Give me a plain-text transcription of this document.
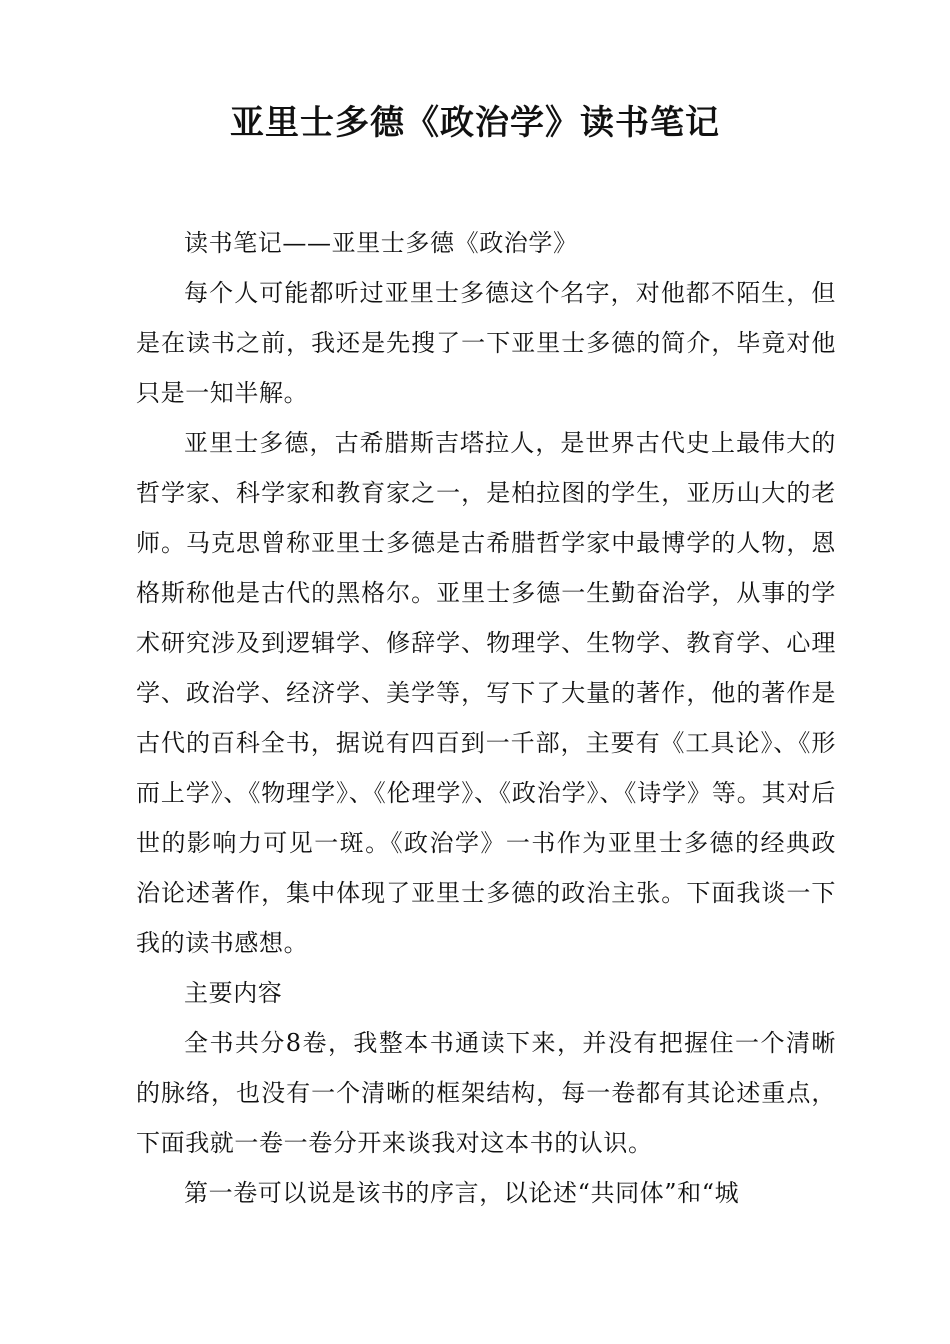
亚里士多德《政治学》读书笔记

读书笔记——亚里士多德《政治学》

每个人可能都听过亚里士多德这个名字，对他都不陌生，但是在读书之前，我还是先搜了一下亚里士多德的简介，毕竟对他只是一知半解。

亚里士多德，古希腊斯吉塔拉人，是世界古代史上最伟大的哲学家、科学家和教育家之一，是柏拉图的学生，亚历山大的老师。马克思曾称亚里士多德是古希腊哲学家中最博学的人物，恩格斯称他是古代的黑格尔。亚里士多德一生勤奋治学，从事的学术研究涉及到逻辑学、修辞学、物理学、生物学、教育学、心理学、政治学、经济学、美学等，写下了大量的著作，他的著作是古代的百科全书，据说有四百到一千部，主要有《工具论》、《形而上学》、《物理学》、《伦理学》、《政治学》、《诗学》等。其对后世的影响力可见一斑。《政治学》一书作为亚里士多德的经典政治论述著作，集中体现了亚里士多德的政治主张。下面我谈一下我的读书感想。

主要内容

全书共分8卷，我整本书通读下来，并没有把握住一个清晰的脉络，也没有一个清晰的框架结构，每一卷都有其论述重点，下面我就一卷一卷分开来谈我对这本书的认识。

第一卷可以说是该书的序言，以论述“共同体”和“城
